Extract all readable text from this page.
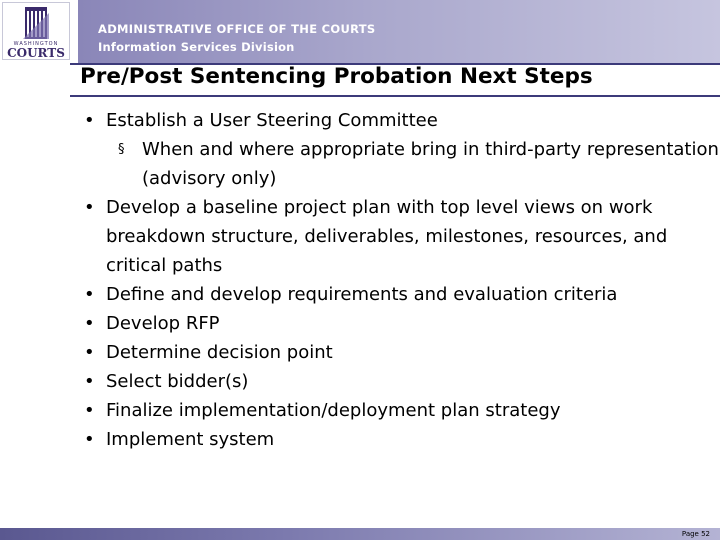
WASHINGTON
COURTS
ADMINISTRATIVE OFFICE OF THE COURTS
Information Services Division
Pre/Post Sentencing Probation Next Steps
• Establish a User Steering Committee
§ When and where appropriate bring in third-party representation (advisory only)
• Develop a baseline project plan with top level views on work breakdown structure, deliverables, milestones, resources, and critical paths
• Define and develop requirements and evaluation criteria
• Develop RFP
• Determine decision point
• Select bidder(s)
• Finalize implementation/deployment plan strategy
• Implement system
Page 52
